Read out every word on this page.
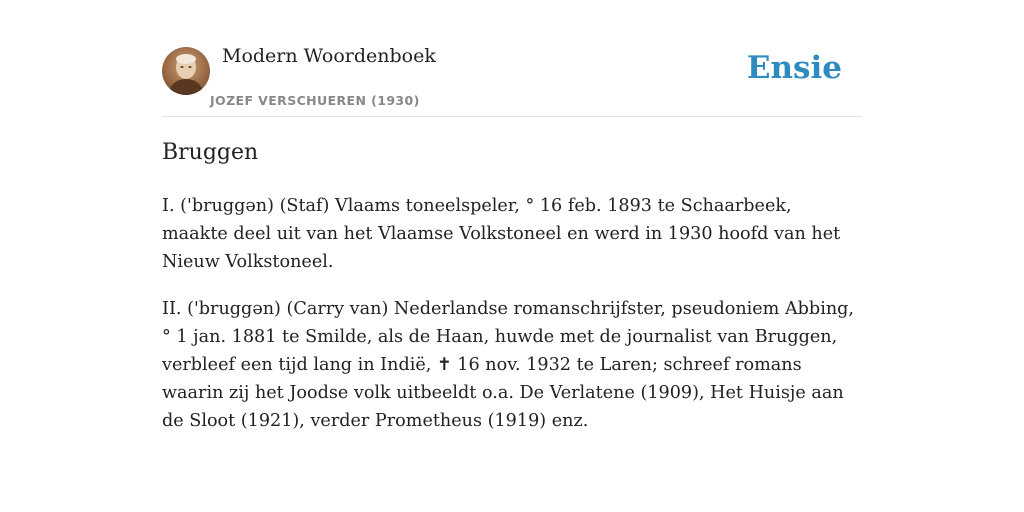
Modern Woordenboek
JOZEF VERSCHUEREN (1930)
Ensie
Bruggen

I. ('bruggən) (Staf) Vlaams toneelspeler, ° 16 feb. 1893 te Schaarbeek, maakte deel uit van het Vlaamse Volkstoneel en werd in 1930 hoofd van het Nieuw Volkstoneel.

II. ('bruggən) (Carry van) Nederlandse romanschrijfster, pseudoniem Abbing, ° 1 jan. 1881 te Smilde, als de Haan, huwde met de journalist van Bruggen, verbleef een tijd lang in Indië, ✝ 16 nov. 1932 te Laren; schreef romans waarin zij het Joodse volk uitbeeldt o.a. De Verlatene (1909), Het Huisje aan de Sloot (1921), verder Prometheus (1919) enz.
